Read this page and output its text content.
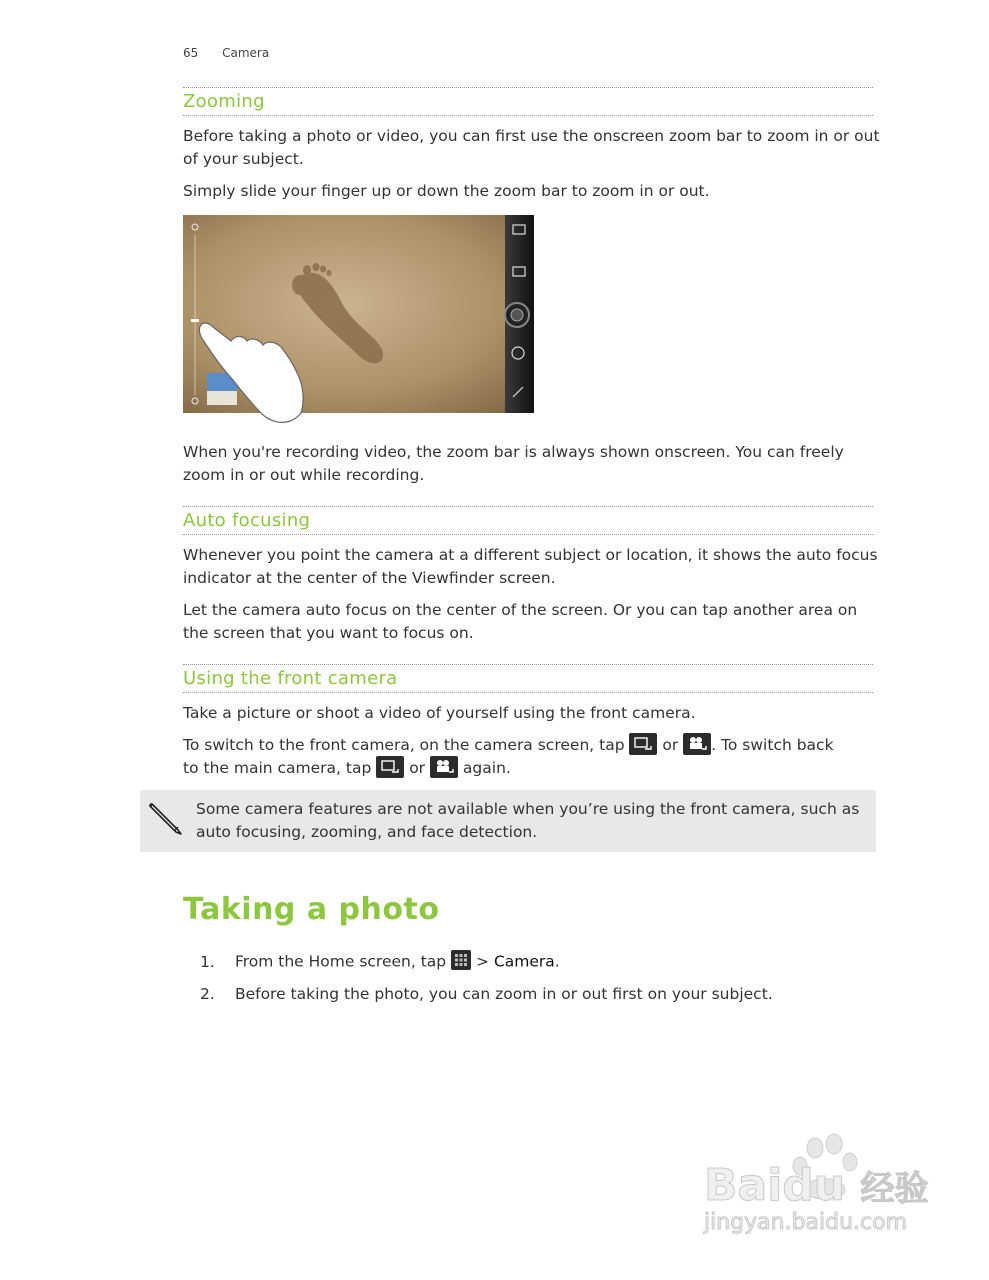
65 Camera
Zooming

Before taking a photo or video, you can first use the onscreen zoom bar to zoom in or out of your subject.

Simply slide your finger up or down the zoom bar to zoom in or out.

When you're recording video, the zoom bar is always shown onscreen. You can freely zoom in or out while recording.

Auto focusing

Whenever you point the camera at a different subject or location, it shows the auto focus indicator at the center of the Viewfinder screen.

Let the camera auto focus on the center of the screen. Or you can tap another area on the screen that you want to focus on.

Using the front camera

Take a picture or shoot a video of yourself using the front camera.

To switch to the front camera, on the camera screen, tap or . To switch back
to the main camera, tap or again.
Some camera features are not available when you’re using the front camera, such as auto focusing, zooming, and face detection.
Taking a photo
1. From the Home screen, tap > Camera.
2. Before taking the photo, you can zoom in or out first on your subject.
Baidu 经验
jingyan.baidu.com
